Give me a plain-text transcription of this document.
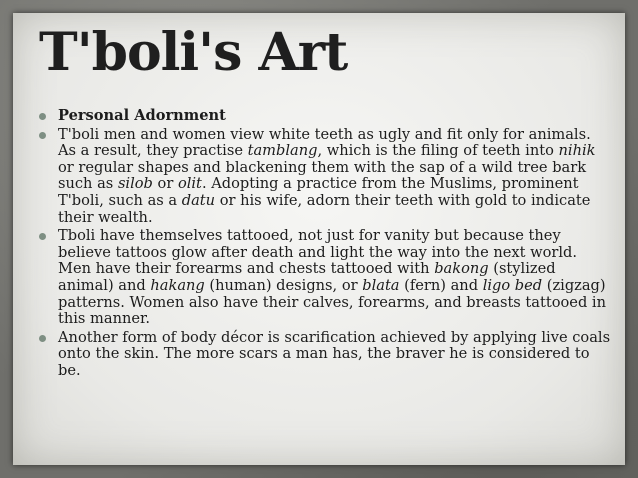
T'boli's Art
Personal Adornment
T'boli men and women view white teeth as ugly and fit only for animals. As a result, they practise tamblang, which is the filing of teeth into nihik or regular shapes and blackening them with the sap of a wild tree bark such as silob or olit. Adopting a practice from the Muslims, prominent T'boli, such as a datu or his wife, adorn their teeth with gold to indicate their wealth.
Tboli have themselves tattooed, not just for vanity but because they believe tattoos glow after death and light the way into the next world. Men have their forearms and chests tattooed with bakong (stylized animal) and hakang (human) designs, or blata (fern) and ligo bed (zigzag) patterns. Women also have their calves, forearms, and breasts tattooed in this manner.
Another form of body décor is scarification achieved by applying live coals onto the skin. The more scars a man has, the braver he is considered to be.
